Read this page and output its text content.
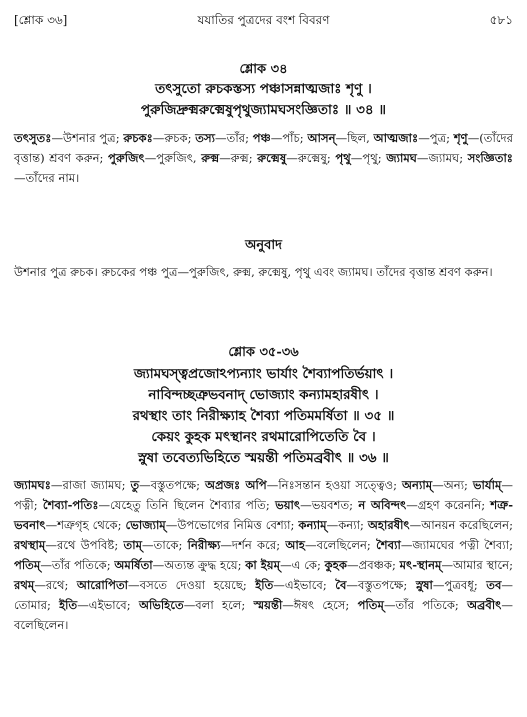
[শ্লোক ৩৬]	যযাতির পুত্রদের বংশ বিবরণ	৫৮১
শ্লোক ৩৪
তৎসুতো রুচকস্তস্য পঞ্চাসন্নাত্মজাঃ শৃণু ।
পুরুজিদ্রুক্মরুক্মেষুপৃথুজ্যামঘসংজ্ঞিতাঃ ॥ ৩৪ ॥
তৎসুতঃ—উশনার পুত্র; রুচকঃ—রুচক; তস্য—তাঁর; পঞ্চ—পাঁচ; আসন্—ছিল, আত্মজাঃ—পুত্র; শৃণু—(তাঁদের বৃত্তান্ত) শ্রবণ করুন; পুরুজিৎ—পুরুজিৎ, রুক্ম—রুক্ম; রুক্মেষু—রুক্মেষু; পৃথু—পৃথু; জ্যামঘ—জ্যামঘ; সংজ্ঞিতাঃ—তাঁদের নাম।
অনুবাদ
উশনার পুত্র রুচক। রুচকের পঞ্চ পুত্র—পুরুজিৎ, রুক্ম, রুক্মেষু, পৃথু এবং জ্যামঘ। তাঁদের বৃত্তান্ত শ্রবণ করুন।
শ্লোক ৩৫-৩৬
জ্যামঘস্ত্বপ্রজোঽপ্যন্যাং ভার্যাং শৈব্যাপতির্ভয়াৎ ।
নাবিন্দচ্ছত্রুভবনাদ্ ভোজ্যাং কন্যামহারষীৎ ।
রথস্থাং তাং নিরীক্ষ্যাহ শৈব্যা পতিমমর্ষিতা ॥ ৩৫ ॥
কেয়ং কুহক মৎস্থানং রথমারোপিতেতি বৈ ।
স্নুষা তবেত্যভিহিতে স্ময়ন্তী পতিমব্রবীৎ ॥ ৩৬ ॥
জ্যামঘঃ—রাজা জ্যামঘ; তু—বস্তুতপক্ষে; অপ্রজঃ অপি—নিঃসন্তান হওয়া সত্ত্বেও; অন্যাম্—অন্য; ভার্যাম্—পত্নী; শৈব্যা-পতিঃ—যেহেতু তিনি ছিলেন শৈব্যার পতি; ভয়াৎ—ভয়বশত; ন অবিন্দৎ—গ্রহণ করেননি; শত্রু-ভবনাৎ—শত্রুগৃহ থেকে; ভোজ্যাম্—উপভোগের নিমিত্ত বেশ্যা; কন্যাম্—কন্যা; অহারষীৎ—আনয়ন করেছিলেন; রথস্থাম্—রথে উপবিষ্ট; তাম্—তাকে; নিরীক্ষ্য—দর্শন করে; আহ—বলেছিলেন; শৈব্যা—জ্যামঘের পত্নী শৈব্যা; পতিম্—তাঁর পতিকে; অমর্ষিতা—অত্যন্ত ক্রুদ্ধ হয়ে; কা ইয়ম্—এ কে; কুহক—প্রবঞ্চক; মৎ-স্থানম্—আমার স্থানে; রথম্—রথে; আরোপিতা—বসতে দেওয়া হয়েছে; ইতি—এইভাবে; বৈ—বস্তুতপক্ষে; স্নুষা—পুত্রবধূ; তব—তোমার; ইতি—এইভাবে; অভিহিতে—বলা হলে; স্ময়ন্তী—ঈষৎ হেসে; পতিম্—তাঁর পতিকে; অব্রবীৎ—বলেছিলেন।
